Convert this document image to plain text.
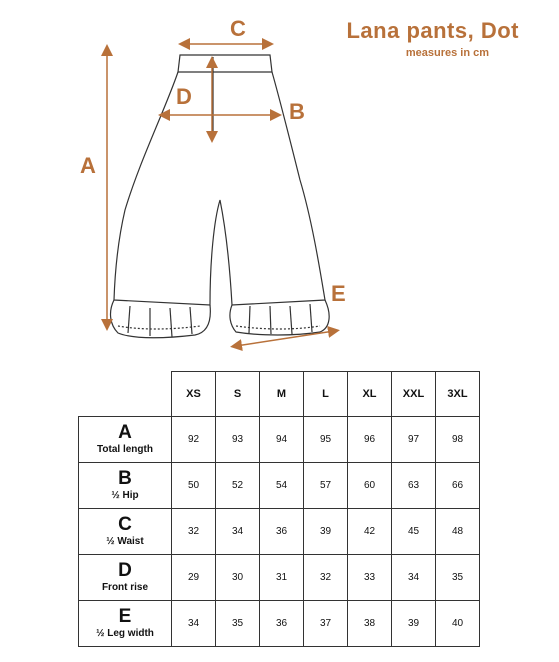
Lana pants, Dot
measures in cm
A
C
D
B
E
	XS	S	M	L	XL	XXL	3XL

A
Total length	92	93	94	95	96	97	98

B
½ Hip	50	52	54	57	60	63	66

C
½ Waist	32	34	36	39	42	45	48

D
Front rise	29	30	31	32	33	34	35

E
½ Leg width	34	35	36	37	38	39	40
